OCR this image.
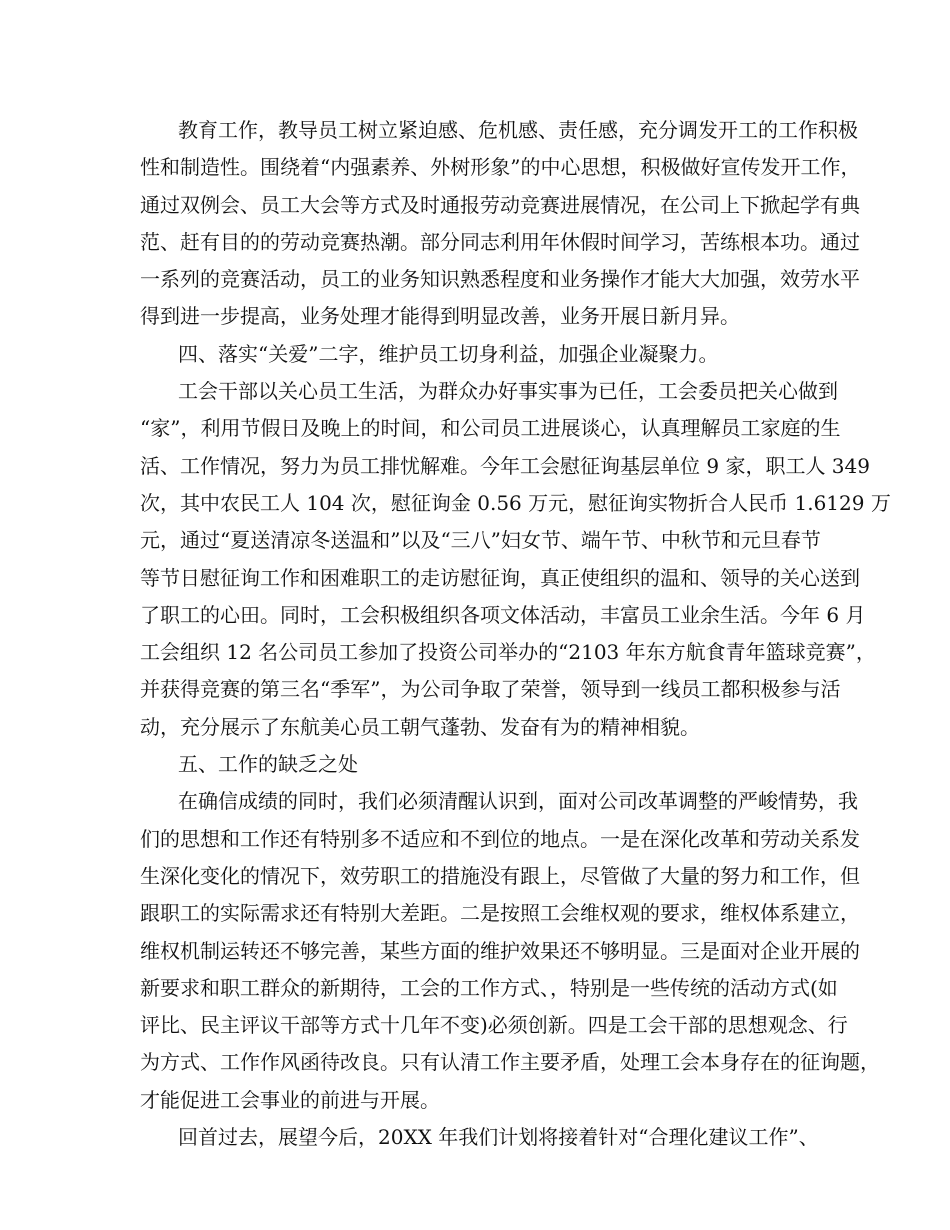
教育工作，教导员工树立紧迫感、危机感、责任感，充分调发开工的工作积极
性和制造性。围绕着“内强素养、外树形象”的中心思想，积极做好宣传发开工作，
通过双例会、员工大会等方式及时通报劳动竞赛进展情况，在公司上下掀起学有典
范、赶有目的的劳动竞赛热潮。部分同志利用年休假时间学习，苦练根本功。通过
一系列的竞赛活动，员工的业务知识熟悉程度和业务操作才能大大加强，效劳水平
得到进一步提高，业务处理才能得到明显改善，业务开展日新月异。
四、落实“关爱”二字，维护员工切身利益，加强企业凝聚力。
工会干部以关心员工生活，为群众办好事实事为已任，工会委员把关心做到
“家”，利用节假日及晚上的时间，和公司员工进展谈心，认真理解员工家庭的生
活、工作情况，努力为员工排忧解难。今年工会慰征询基层单位 9 家，职工人 349
次，其中农民工人 104 次，慰征询金 0.56 万元，慰征询实物折合人民币 1.6129 万
元，通过“夏送清凉冬送温和”以及“三八”妇女节、端午节、中秋节和元旦春节
等节日慰征询工作和困难职工的走访慰征询，真正使组织的温和、领导的关心送到
了职工的心田。同时，工会积极组织各项文体活动，丰富员工业余生活。今年 6 月
工会组织 12 名公司员工参加了投资公司举办的“2103 年东方航食青年篮球竞赛”，
并获得竞赛的第三名“季军”，为公司争取了荣誉，领导到一线员工都积极参与活
动，充分展示了东航美心员工朝气蓬勃、发奋有为的精神相貌。
五、工作的缺乏之处
在确信成绩的同时，我们必须清醒认识到，面对公司改革调整的严峻情势，我
们的思想和工作还有特别多不适应和不到位的地点。一是在深化改革和劳动关系发
生深化变化的情况下，效劳职工的措施没有跟上，尽管做了大量的努力和工作，但
跟职工的实际需求还有特别大差距。二是按照工会维权观的要求，维权体系建立，
维权机制运转还不够完善，某些方面的维护效果还不够明显。三是面对企业开展的
新要求和职工群众的新期待，工会的工作方式、，特别是一些传统的活动方式(如
评比、民主评议干部等方式十几年不变)必须创新。四是工会干部的思想观念、行
为方式、工作作风函待改良。只有认清工作主要矛盾，处理工会本身存在的征询题，
才能促进工会事业的前进与开展。
回首过去，展望今后，20XX 年我们计划将接着针对“合理化建议工作”、
